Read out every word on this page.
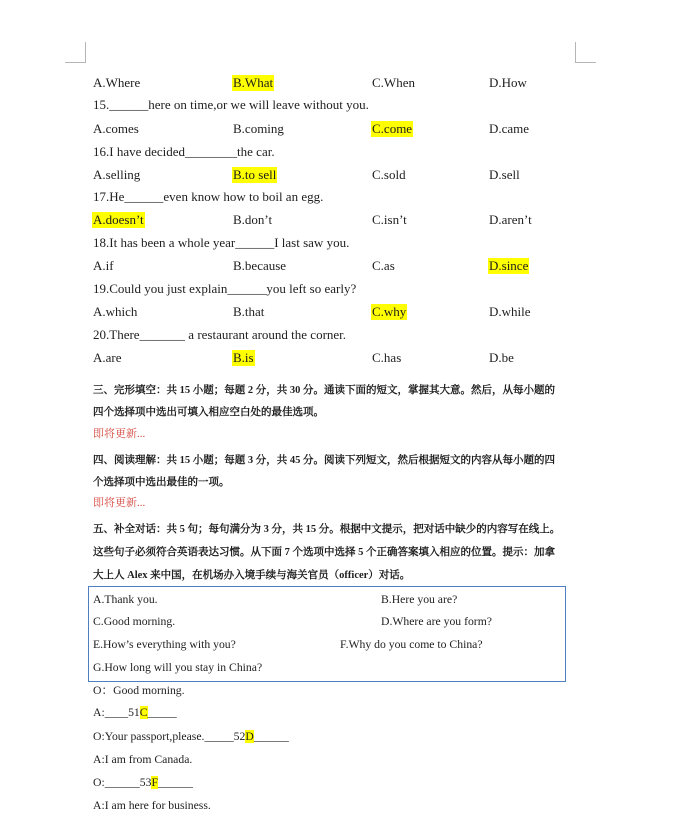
A.Where	B.What	C.When	D.How
15.______here on time,or we will leave without you.
A.comes	B.coming	C.come	D.came
16.I have decided________the car.
A.selling	B.to sell	C.sold	D.sell
17.He______even know how to boil an egg.
A.doesn’t	B.don’t	C.isn’t	D.aren’t
18.It has been a whole year______I last saw you.
A.if	B.because	C.as	D.since
19.Could you just explain______you left so early?
A.which	B.that	C.why	D.while
20.There_______ a restaurant around the corner.
A.are	B.is	C.has	D.be
三、完形填空：共 15 小题；每题 2 分，共 30 分。通读下面的短文，掌握其大意。然后，从每小题的
四个选择项中选出可填入相应空白处的最佳选项。
即将更新...
四、阅读理解：共 15 小题；每题 3 分，共 45 分。阅读下列短文，然后根据短文的内容从每小题的四
个选择项中选出最佳的一项。
即将更新...
五、补全对话：共 5 句；每句满分为 3 分，共 15 分。根据中文提示，把对话中缺少的内容写在线上。
这些句子必须符合英语表达习惯。从下面 7 个选项中选择 5 个正确答案填入相应的位置。提示：加拿
大上人 Alex 来中国，在机场办入境手续与海关官员（officer）对话。
A.Thank you.	B.Here you are?
C.Good morning.	D.Where are you form?
E.How’s everything with you?	F.Why do you come to China?
G.How long will you stay in China?
O：Good morning.
A:____51C_____
O:Your passport,please._____52D______
A:I am from Canada.
O:______53F______
A:I am here for business.
